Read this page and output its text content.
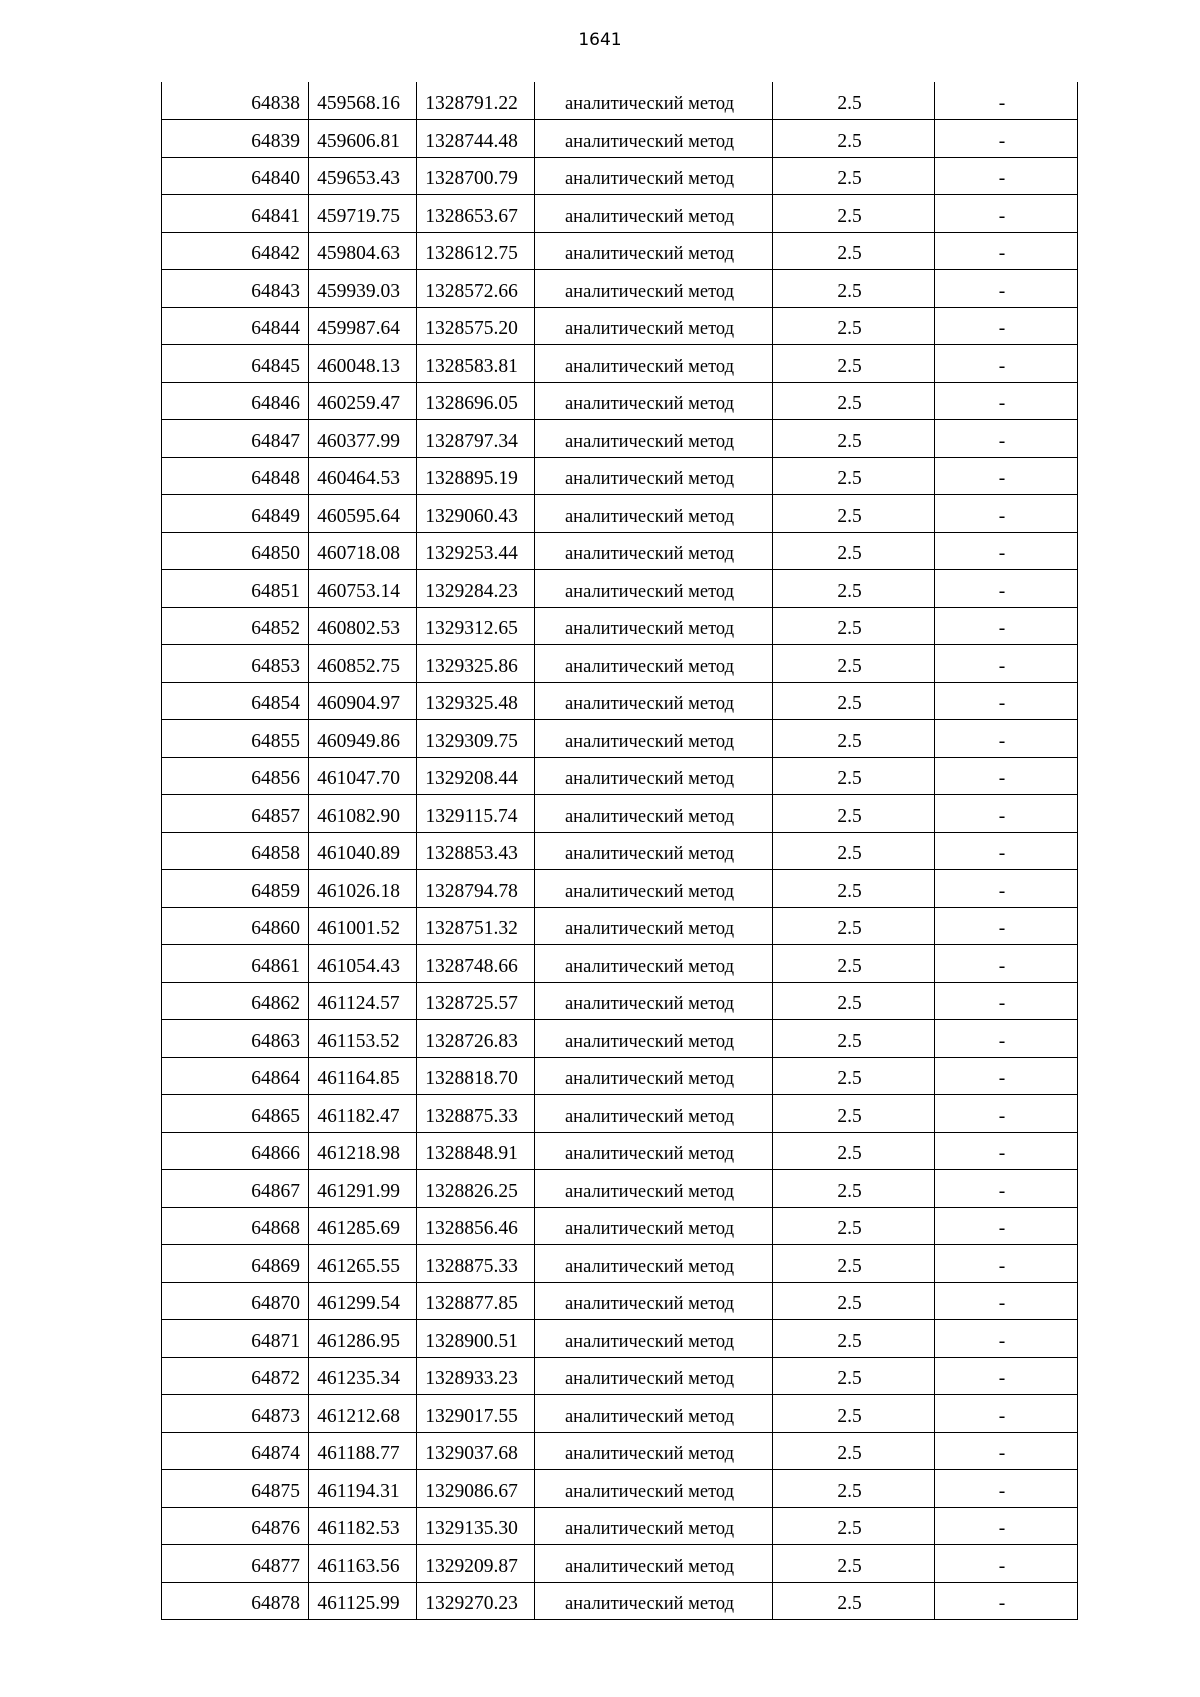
1641
64838	459568.16	1328791.22	аналитический метод	2.5	-
64839	459606.81	1328744.48	аналитический метод	2.5	-
64840	459653.43	1328700.79	аналитический метод	2.5	-
64841	459719.75	1328653.67	аналитический метод	2.5	-
64842	459804.63	1328612.75	аналитический метод	2.5	-
64843	459939.03	1328572.66	аналитический метод	2.5	-
64844	459987.64	1328575.20	аналитический метод	2.5	-
64845	460048.13	1328583.81	аналитический метод	2.5	-
64846	460259.47	1328696.05	аналитический метод	2.5	-
64847	460377.99	1328797.34	аналитический метод	2.5	-
64848	460464.53	1328895.19	аналитический метод	2.5	-
64849	460595.64	1329060.43	аналитический метод	2.5	-
64850	460718.08	1329253.44	аналитический метод	2.5	-
64851	460753.14	1329284.23	аналитический метод	2.5	-
64852	460802.53	1329312.65	аналитический метод	2.5	-
64853	460852.75	1329325.86	аналитический метод	2.5	-
64854	460904.97	1329325.48	аналитический метод	2.5	-
64855	460949.86	1329309.75	аналитический метод	2.5	-
64856	461047.70	1329208.44	аналитический метод	2.5	-
64857	461082.90	1329115.74	аналитический метод	2.5	-
64858	461040.89	1328853.43	аналитический метод	2.5	-
64859	461026.18	1328794.78	аналитический метод	2.5	-
64860	461001.52	1328751.32	аналитический метод	2.5	-
64861	461054.43	1328748.66	аналитический метод	2.5	-
64862	461124.57	1328725.57	аналитический метод	2.5	-
64863	461153.52	1328726.83	аналитический метод	2.5	-
64864	461164.85	1328818.70	аналитический метод	2.5	-
64865	461182.47	1328875.33	аналитический метод	2.5	-
64866	461218.98	1328848.91	аналитический метод	2.5	-
64867	461291.99	1328826.25	аналитический метод	2.5	-
64868	461285.69	1328856.46	аналитический метод	2.5	-
64869	461265.55	1328875.33	аналитический метод	2.5	-
64870	461299.54	1328877.85	аналитический метод	2.5	-
64871	461286.95	1328900.51	аналитический метод	2.5	-
64872	461235.34	1328933.23	аналитический метод	2.5	-
64873	461212.68	1329017.55	аналитический метод	2.5	-
64874	461188.77	1329037.68	аналитический метод	2.5	-
64875	461194.31	1329086.67	аналитический метод	2.5	-
64876	461182.53	1329135.30	аналитический метод	2.5	-
64877	461163.56	1329209.87	аналитический метод	2.5	-
64878	461125.99	1329270.23	аналитический метод	2.5	-
